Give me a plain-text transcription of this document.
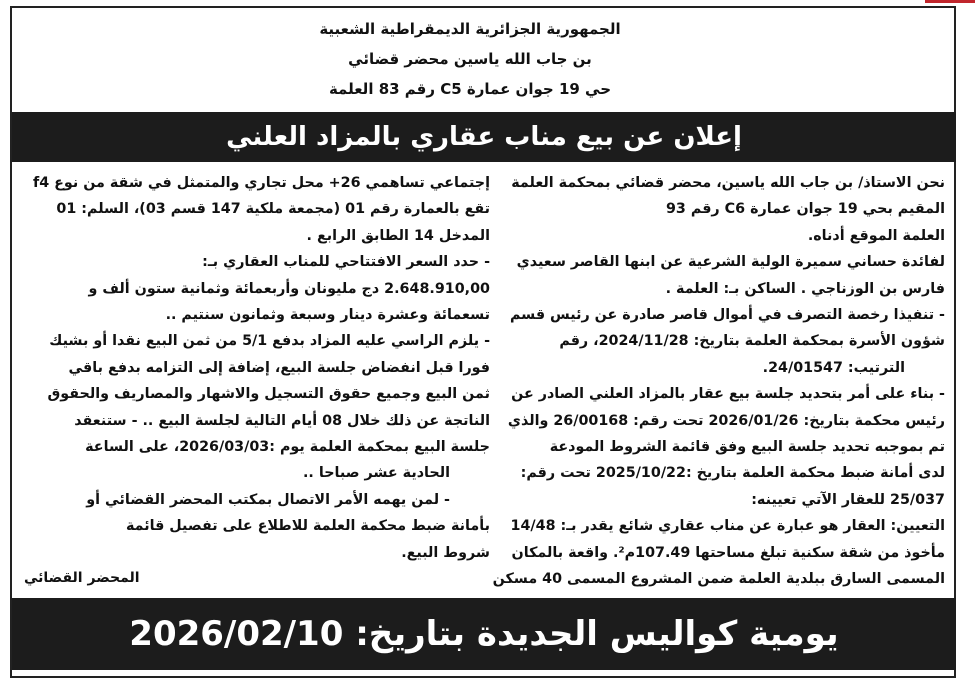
الجمهورية الجزائرية الديمقراطية الشعبية
بن جاب الله ياسين محضر قضائي
حي 19 جوان عمارة C5 رقم 83 العلمة
إعلان عن بيع مناب عقاري بالمزاد العلني
نحن الاستاذ/ بن جاب الله ياسين، محضر قضائي بمحكمة العلمة
المقيم بحي 19 جوان عمارة C6 رقم 93
العلمة الموقع أدناه.
لفائدة حساني سميرة الولية الشرعية عن ابنها القاصر سعيدي
فارس بن الوزناجي . الساكن بـ: العلمة .
- تنفيذا رخصة التصرف في أموال قاصر صادرة عن رئيس قسم
شؤون الأسرة بمحكمة العلمة بتاريخ: 2024/11/28، رقم
الترتيب: 24/01547.
- بناء على أمر بتحديد جلسة بيع عقار بالمزاد العلني الصادر عن
رئيس محكمة بتاريخ: 2026/01/26 تحت رقم: 26/00168 والذي
تم بموجبه تحديد جلسة البيع وفق قائمة الشروط المودعة
لدى أمانة ضبط محكمة العلمة بتاريخ :2025/10/22 تحت رقم:
25/037 للعقار الآتي تعيينه:
التعيين: العقار هو عبارة عن مناب عقاري شائع يقدر بـ: 14/48
مأخوذ من شقة سكنية تبلغ مساحتها 107.49م². واقعة بالمكان
المسمى السارق ببلدية العلمة ضمن المشروع المسمى 40 مسكن
إجتماعي تساهمي 26+ محل تجاري والمتمثل في شقة من نوع f4
تقع بالعمارة رقم 01 (مجمعة ملكية 147 قسم 03)، السلم: 01
المدخل 14 الطابق الرابع .
- حدد السعر الافتتاحي للمناب العقاري بـ:
2.648.910,00 دج مليونان وأربعمائة وثمانية ستون ألف و
تسعمائة وعشرة دينار وسبعة وثمانون سنتيم ..
- يلزم الراسي عليه المزاد بدفع 5/1 من ثمن البيع نقدا أو بشيك
فورا قبل انفضاض جلسة البيع، إضافة إلى التزامه بدفع باقي
ثمن البيع وجميع حقوق التسجيل والاشهار والمصاريف والحقوق
الناتجة عن ذلك خلال 08 أيام التالية لجلسة البيع .. - ستنعقد
جلسة البيع بمحكمة العلمة يوم :2026/03/03، على الساعة
الحادية عشر صباحا ..
- لمن يهمه الأمر الاتصال بمكتب المحضر القضائي أو
بأمانة ضبط محكمة العلمة للاطلاع على تفصيل قائمة
شروط البيع.
المحضر القضائي
يومية كواليس الجديدة بتاريخ: 2026/02/10
